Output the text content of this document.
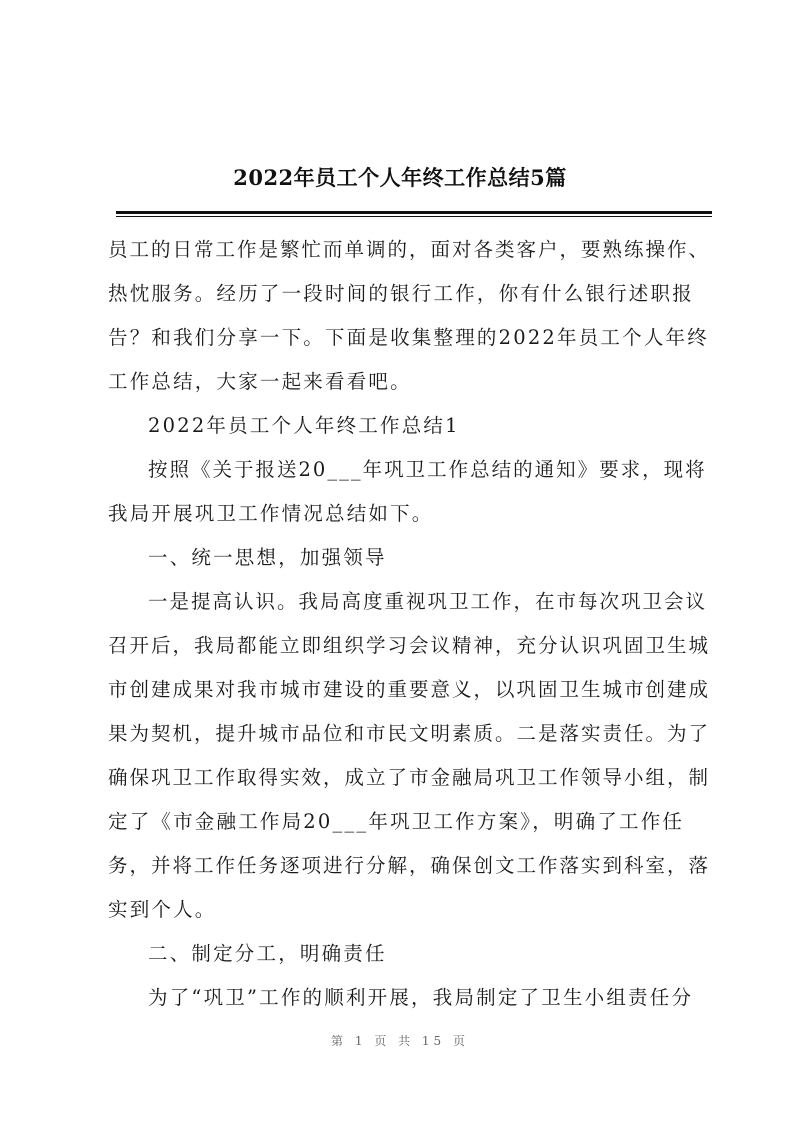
2022年员工个人年终工作总结5篇

员工的日常工作是繁忙而单调的，面对各类客户，要熟练操作、

热忱服务。经历了一段时间的银行工作，你有什么银行述职报

告？和我们分享一下。下面是收集整理的2022年员工个人年终

工作总结，大家一起来看看吧。

2022年员工个人年终工作总结1

按照《关于报送20___年巩卫工作总结的通知》要求，现将

我局开展巩卫工作情况总结如下。

一、统一思想，加强领导

一是提高认识。我局高度重视巩卫工作，在市每次巩卫会议

召开后，我局都能立即组织学习会议精神，充分认识巩固卫生城

市创建成果对我市城市建设的重要意义，以巩固卫生城市创建成

果为契机，提升城市品位和市民文明素质。二是落实责任。为了

确保巩卫工作取得实效，成立了市金融局巩卫工作领导小组，制

定了《市金融工作局20___年巩卫工作方案》，明确了工作任

务，并将工作任务逐项进行分解，确保创文工作落实到科室，落

实到个人。

二、制定分工，明确责任

为了“巩卫”工作的顺利开展，我局制定了卫生小组责任分

第 1 页 共 15 页
